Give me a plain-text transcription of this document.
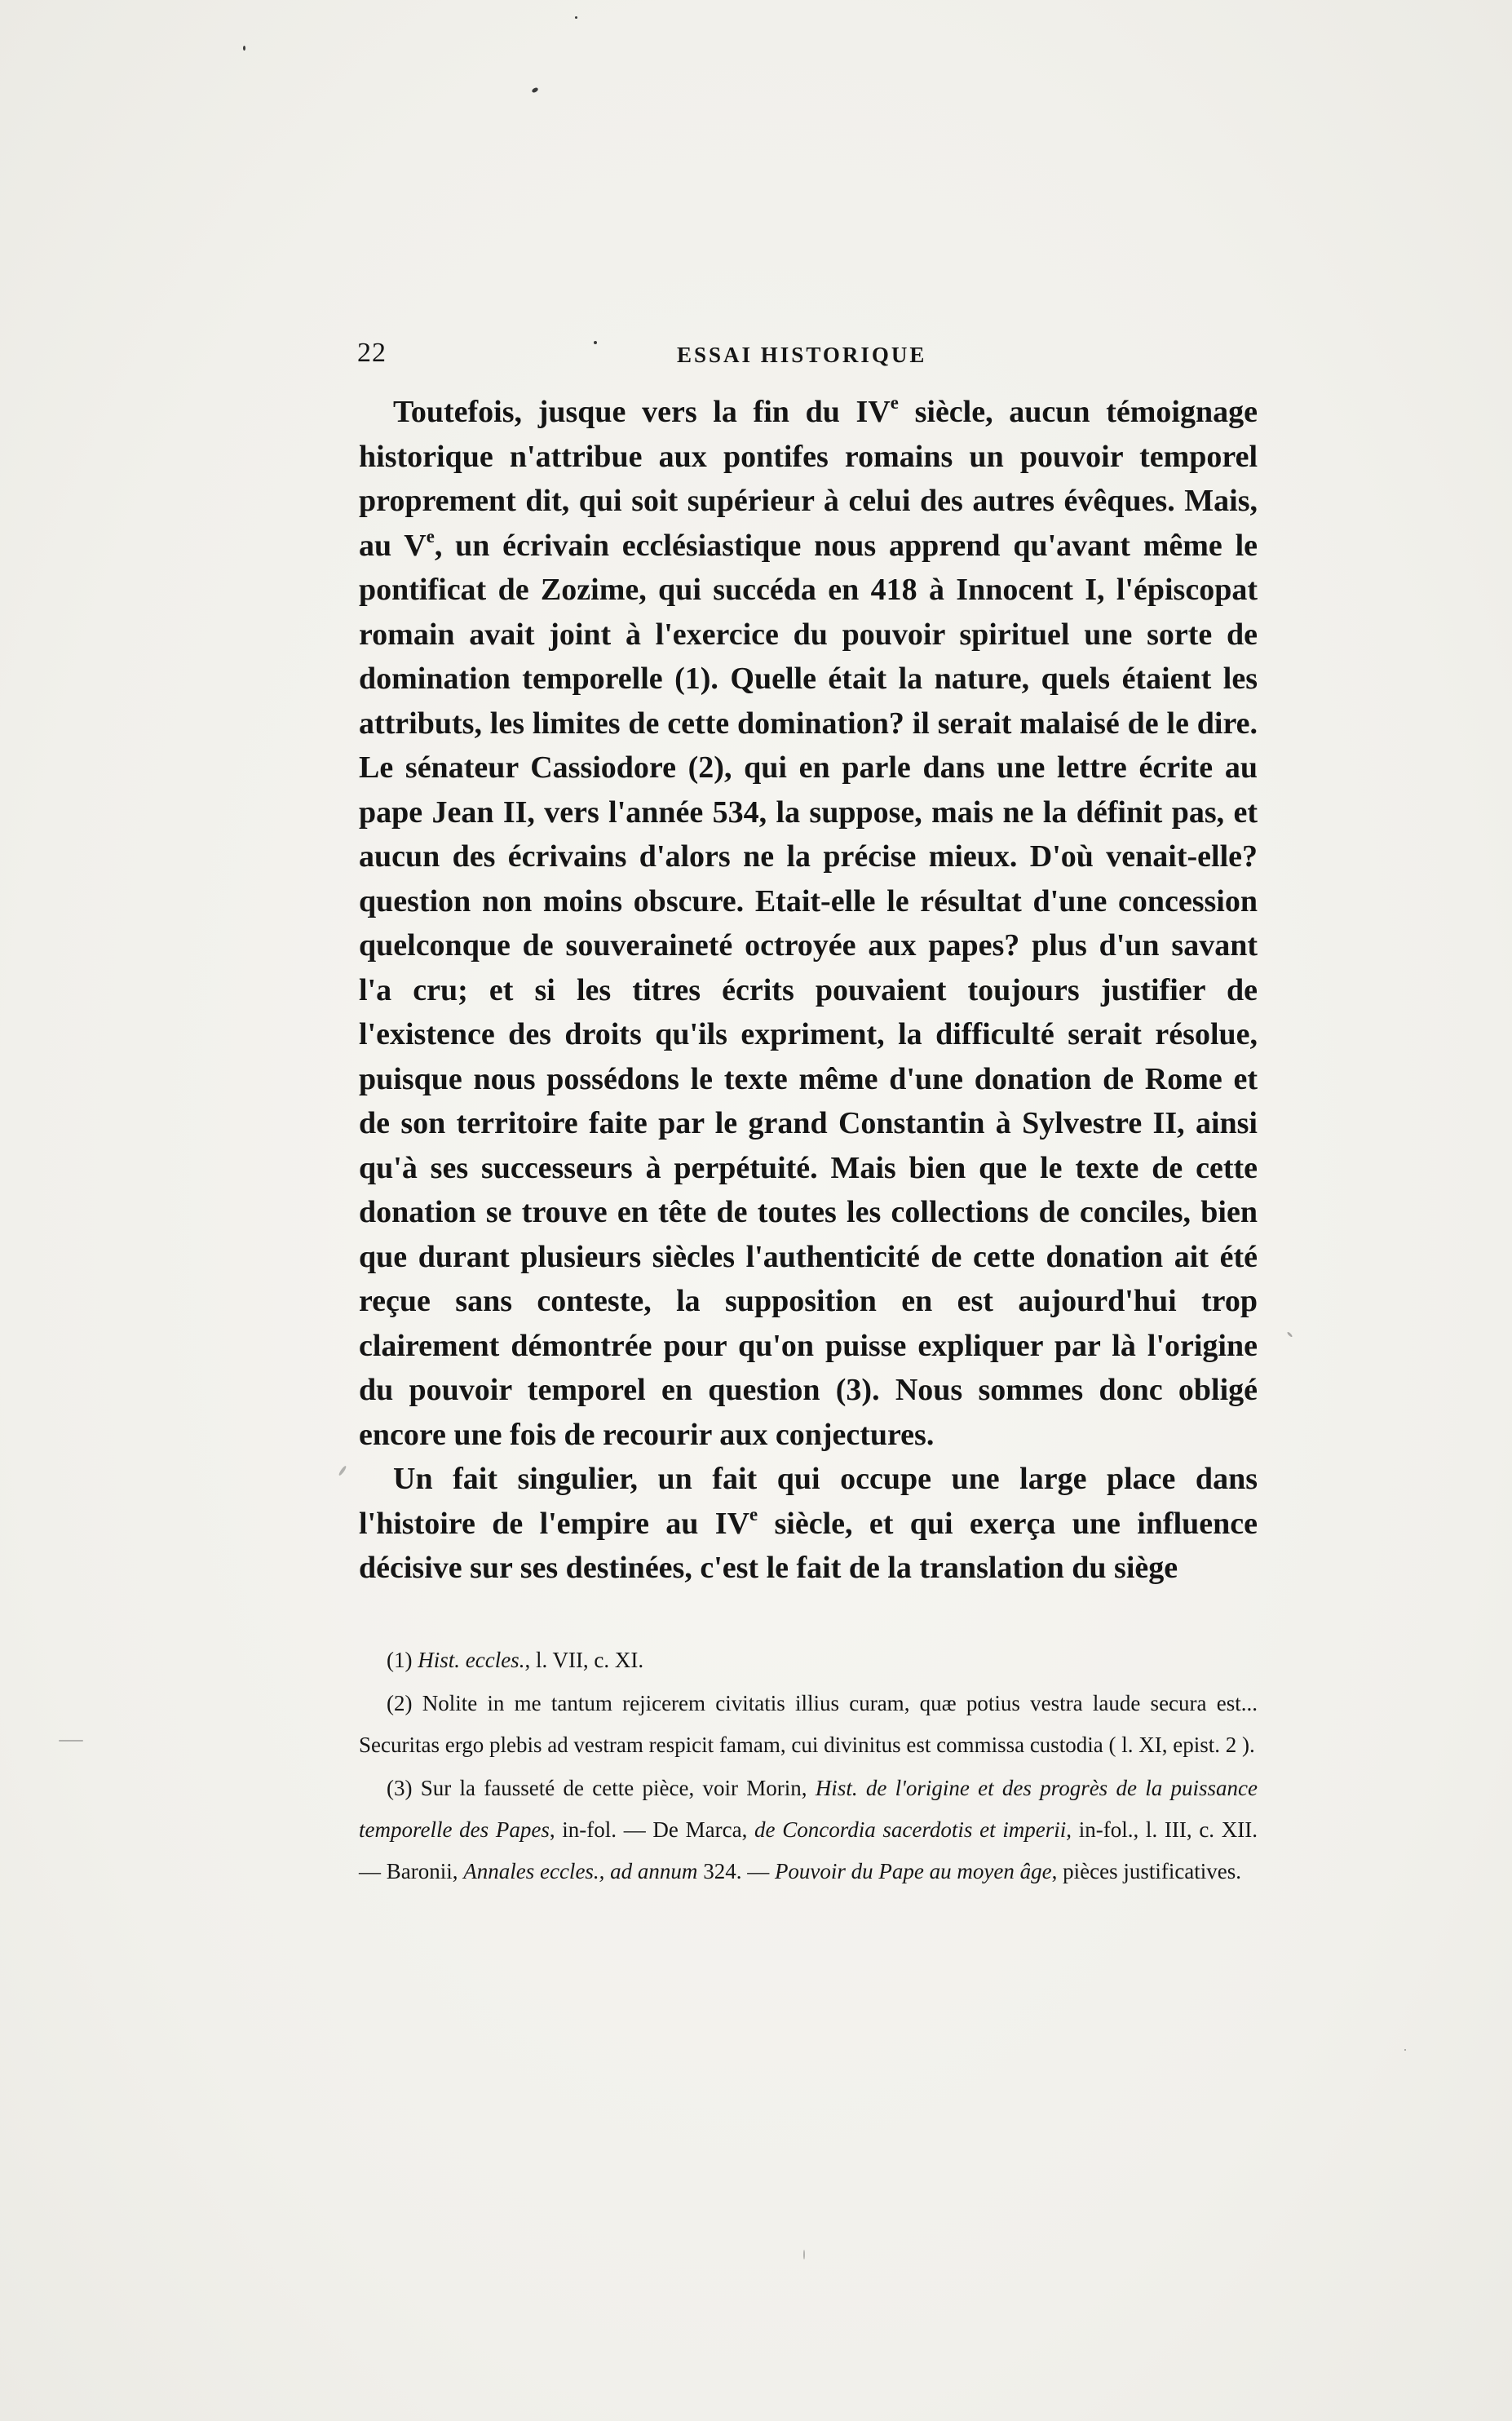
22	ESSAI HISTORIQUE

Toutefois, jusque vers la fin du IVe siècle, aucun témoignage historique n'attribue aux pontifes romains un pouvoir temporel proprement dit, qui soit supérieur à celui des autres évêques. Mais, au Ve, un écrivain ecclésiastique nous apprend qu'avant même le pontificat de Zozime, qui succéda en 418 à Innocent I, l'épiscopat romain avait joint à l'exercice du pouvoir spirituel une sorte de domination temporelle (1). Quelle était la nature, quels étaient les attributs, les limites de cette domination? il serait malaisé de le dire. Le sénateur Cassiodore (2), qui en parle dans une lettre écrite au pape Jean II, vers l'année 534, la suppose, mais ne la définit pas, et aucun des écrivains d'alors ne la précise mieux. D'où venait-elle? question non moins obscure. Etait-elle le résultat d'une concession quelconque de souveraineté octroyée aux papes? plus d'un savant l'a cru; et si les titres écrits pouvaient toujours justifier de l'existence des droits qu'ils expriment, la difficulté serait résolue, puisque nous possédons le texte même d'une donation de Rome et de son territoire faite par le grand Constantin à Sylvestre II, ainsi qu'à ses successeurs à perpétuité. Mais bien que le texte de cette donation se trouve en tête de toutes les collections de conciles, bien que durant plusieurs siècles l'authenticité de cette donation ait été reçue sans conteste, la supposition en est aujourd'hui trop clairement démontrée pour qu'on puisse expliquer par là l'origine du pouvoir temporel en question (3). Nous sommes donc obligé encore une fois de recourir aux conjectures.

Un fait singulier, un fait qui occupe une large place dans l'histoire de l'empire au IVe siècle, et qui exerça une influence décisive sur ses destinées, c'est le fait de la translation du siège

(1) Hist. eccles., l. VII, c. XI.

(2) Nolite in me tantum rejicerem civitatis illius curam, quæ potius vestra laude secura est... Securitas ergo plebis ad vestram respicit famam, cui divinitus est commissa custodia ( l. XI, epist. 2 ).

(3) Sur la fausseté de cette pièce, voir Morin, Hist. de l'origine et des progrès de la puissance temporelle des Papes, in-fol. — De Marca, de Concordia sacerdotis et imperii, in-fol., l. III, c. XII. — Baronii, Annales eccles., ad annum 324. — Pouvoir du Pape au moyen âge, pièces justificatives.
